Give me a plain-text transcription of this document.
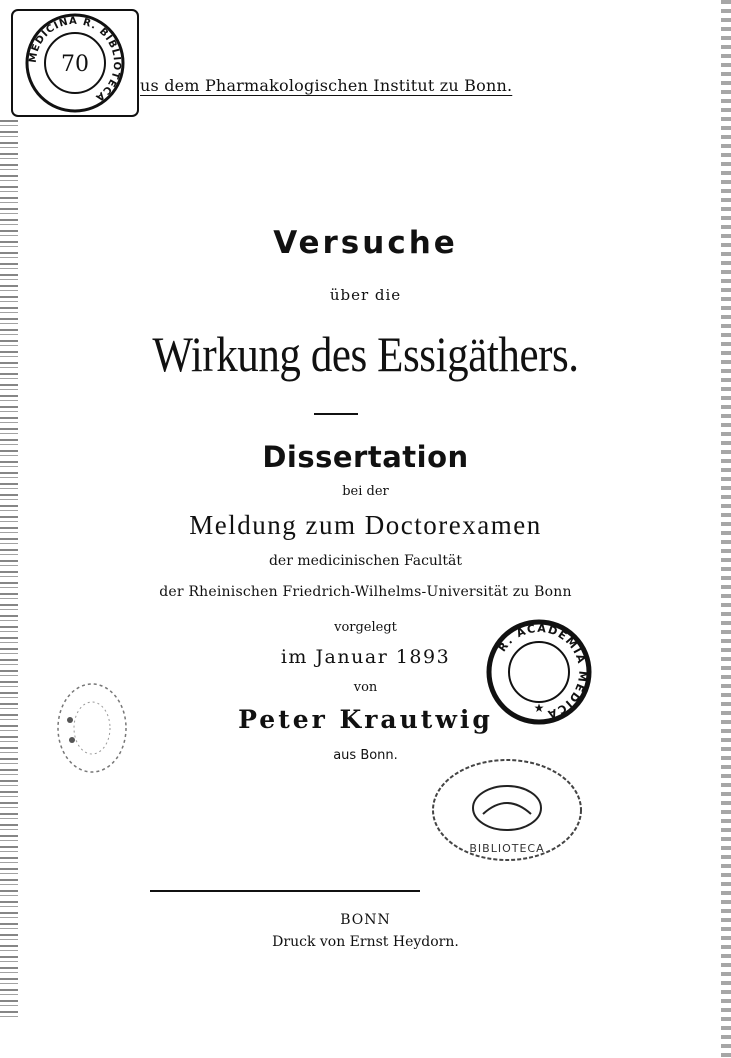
MEDICINA R. BIBLIOTECA
70
us dem Pharmakologischen Institut zu Bonn.
Versuche
über die
Wirkung des Essigäthers.
Dissertation
bei der
Meldung zum Doctorexamen
der medicinischen Facultät
der Rheinischen Friedrich-Wilhelms-Universität zu Bonn
vorgelegt
im Januar 1893
von
Peter Krautwig
aus Bonn.
R. ACADEMIA MEDICA
★
BIBLIOTECA
BONN
Druck von Ernst Heydorn.
